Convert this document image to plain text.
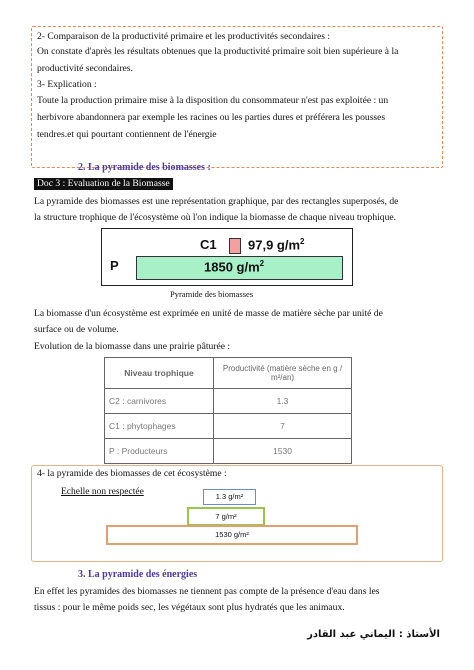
2- Comparaison de la productivité primaire et les productivités secondaires :
On constate d'après les résultats obtenues que la productivité primaire soit bien supérieure à la
productivité secondaires.
3- Explication :
Toute la production primaire mise à la disposition du consommateur n'est pas exploitée : un
herbivore abandonnera par exemple les racines ou les parties dures et préférera les pousses
tendres.et qui pourtant contiennent de l'énergie
2. La pyramide des biomasses :
Doc 3 : Evaluation de la Biomasse
La pyramide des biomasses est une représentation graphique, par des rectangles superposés, de
la structure trophique de l'écosystème où l'on indique la biomasse de chaque niveau trophique.
C1 97,9 $g/m^2$
P	1850 $g/m^2$
Pyramide des biomasses
La biomasse d'un écosystème est exprimée en unité de masse de matière sèche par unité de
surface ou de volume.
Evolution de la biomasse dans une prairie pâturée :
Niveau trophique	Productivité (matière sèche en g / m²/an)
C2 : carnivores	1.3
C1 : phytophages	7
P : Producteurs	1530
4- la pyramide des biomasses de cet écosystème :
Echelle non respectée	1.3 g/m²
7 g/m²
1530 g/m²
3. La pyramide des énergies
En effet les pyramides des biomasses ne tiennent pas compte de la présence d'eau dans les
tissus : pour le même poids sec, les végétaux sont plus hydratés que les animaux.
الأستاذ : اليماني عبد القادر
